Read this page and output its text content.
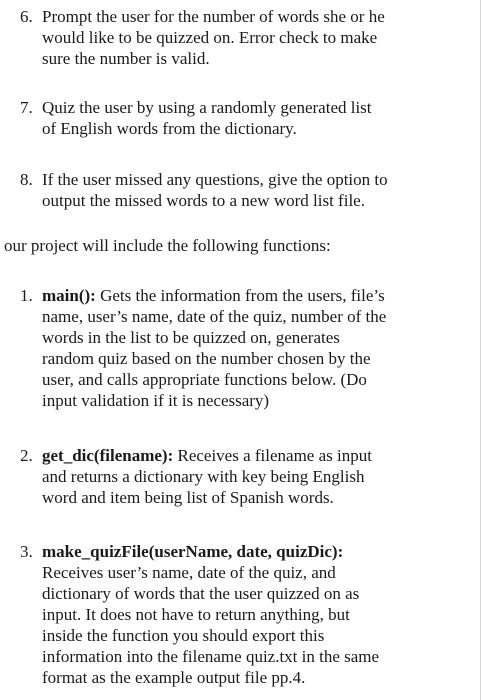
6. Prompt the user for the number of words she or he
would like to be quizzed on. Error check to make
sure the number is valid.
7. Quiz the user by using a randomly generated list
of English words from the dictionary.
8. If the user missed any questions, give the option to
output the missed words to a new word list file.
our project will include the following functions:
1. main(): Gets the information from the users, file’s
name, user’s name, date of the quiz, number of the
words in the list to be quizzed on, generates
random quiz based on the number chosen by the
user, and calls appropriate functions below. (Do
input validation if it is necessary)
2. get_dic(filename): Receives a filename as input
and returns a dictionary with key being English
word and item being list of Spanish words.
3. make_quizFile(userName, date, quizDic):
Receives user’s name, date of the quiz, and
dictionary of words that the user quizzed on as
input. It does not have to return anything, but
inside the function you should export this
information into the filename quiz.txt in the same
format as the example output file pp.4.
